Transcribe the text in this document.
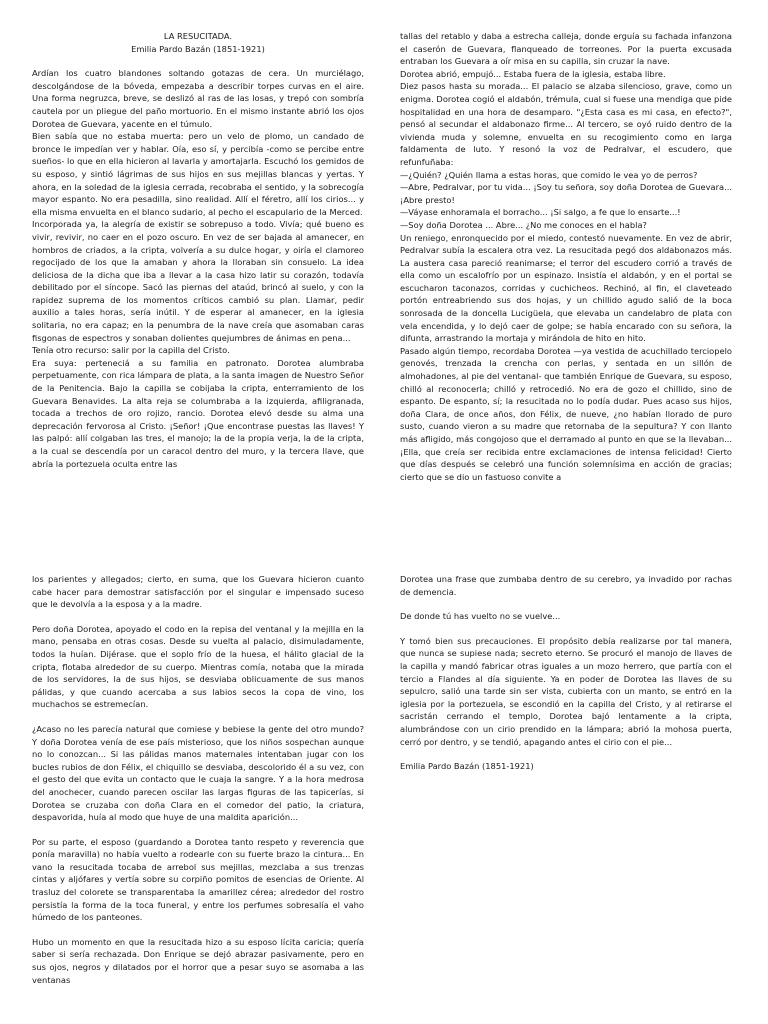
LA RESUCITADA.

Emilia Pardo Bazán (1851-1921)

Ardían los cuatro blandones soltando gotazas de cera. Un murciélago, descolgándose de la bóveda, empezaba a describir torpes curvas en el aire. Una forma negruzca, breve, se deslizó al ras de las losas, y trepó con sombría cautela por un pliegue del paño mortuorio. En el mismo instante abrió los ojos Dorotea de Guevara, yacente en el túmulo.

Bien sabía que no estaba muerta: pero un velo de plomo, un candado de bronce le impedían ver y hablar. Oía, eso sí, y percibía -como se percibe entre sueños- lo que en ella hicieron al lavarla y amortajarla. Escuchó los gemidos de su esposo, y sintió lágrimas de sus hijos en sus mejillas blancas y yertas. Y ahora, en la soledad de la iglesia cerrada, recobraba el sentido, y la sobrecogía mayor espanto. No era pesadilla, sino realidad. Allí el féretro, allí los cirios... y ella misma envuelta en el blanco sudario, al pecho el escapulario de la Merced.

Incorporada ya, la alegría de existir se sobrepuso a todo. Vivía; qué bueno es vivir, revivir, no caer en el pozo oscuro. En vez de ser bajada al amanecer, en hombros de criados, a la cripta, volvería a su dulce hogar, y oiría el clamoreo regocijado de los que la amaban y ahora la lloraban sin consuelo. La idea deliciosa de la dicha que iba a llevar a la casa hizo latir su corazón, todavía debilitado por el síncope. Sacó las piernas del ataúd, brincó al suelo, y con la rapidez suprema de los momentos críticos cambió su plan. Llamar, pedir auxilio a tales horas, sería inútil. Y de esperar al amanecer, en la iglesia solitaria, no era capaz; en la penumbra de la nave creía que asomaban caras fisgonas de espectros y sonaban dolientes quejumbres de ánimas en pena...

Tenía otro recurso: salir por la capilla del Cristo.

Era suya: perteneciá a su familia en patronato. Dorotea alumbraba perpetuamente, con rica lámpara de plata, a la santa imagen de Nuestro Señor de la Penitencia. Bajo la capilla se cobijaba la cripta, enterramiento de los Guevara Benavides. La alta reja se columbraba a la izquierda, afiligranada, tocada a trechos de oro rojizo, rancio. Dorotea elevó desde su alma una deprecación fervorosa al Cristo. ¡Señor! ¡Que encontrase puestas las llaves! Y las palpó: allí colgaban las tres, el manojo; la de la propia verja, la de la cripta, a la cual se descendía por un caracol dentro del muro, y la tercera llave, que abría la portezuela oculta entre las

tallas del retablo y daba a estrecha calleja, donde erguía su fachada infanzona el caserón de Guevara, flanqueado de torreones. Por la puerta excusada entraban los Guevara a oír misa en su capilla, sin cruzar la nave.

Dorotea abrió, empujó... Estaba fuera de la iglesia, estaba libre.

Diez pasos hasta su morada... El palacio se alzaba silencioso, grave, como un enigma. Dorotea cogió el aldabón, trémula, cual si fuese una mendiga que pide hospitalidad en una hora de desamparo. "¿Esta casa es mi casa, en efecto?", pensó al secundar el aldabonazo firme... Al tercero, se oyó ruido dentro de la vivienda muda y solemne, envuelta en su recogimiento como en larga faldamenta de luto. Y resonó la voz de Pedralvar, el escudero, que refunfuñaba:

—¿Quién? ¿Quién llama a estas horas, que comido le vea yo de perros?

—Abre, Pedralvar, por tu vida... ¡Soy tu señora, soy doña Dorotea de Guevara... ¡Abre presto!

—Váyase enhoramala el borracho... ¡Si salgo, a fe que lo ensarte...!

—Soy doña Dorotea ... Abre... ¿No me conoces en el habla?

Un reniego, enronquecido por el miedo, contestó nuevamente. En vez de abrir, Pedralvar subía la escalera otra vez. La resucitada pegó dos aldabonazos más. La austera casa pareció reanimarse; el terror del escudero corrió a través de ella como un escalofrío por un espinazo. Insistía el aldabón, y en el portal se escucharon taconazos, corridas y cuchicheos. Rechinó, al fin, el claveteado portón entreabriendo sus dos hojas, y un chillido agudo salió de la boca sonrosada de la doncella Lucigüela, que elevaba un candelabro de plata con vela encendida, y lo dejó caer de golpe; se había encarado con su señora, la difunta, arrastrando la mortaja y mirándola de hito en hito.

Pasado algún tiempo, recordaba Dorotea —ya vestida de acuchillado terciopelo genovés, trenzada la crencha con perlas, y sentada en un sillón de almohadones, al pie del ventanal- que también Enrique de Guevara, su esposo, chilló al reconocerla; chilló y retrocedió. No era de gozo el chillido, sino de espanto. De espanto, sí; la resucitada no lo podía dudar. Pues acaso sus hijos, doña Clara, de once años, don Félix, de nueve, ¿no habían llorado de puro susto, cuando vieron a su madre que retornaba de la sepultura? Y con llanto más afligido, más congojoso que el derramado al punto en que se la llevaban... ¡Ella, que creía ser recibida entre exclamaciones de intensa felicidad! Cierto que días después se celebró una función solemnísima en acción de gracias; cierto que se dio un fastuoso convite a

los parientes y allegados; cierto, en suma, que los Guevara hicieron cuanto cabe hacer para demostrar satisfacción por el singular e impensado suceso que le devolvía a la esposa y a la madre.

Pero doña Dorotea, apoyado el codo en la repisa del ventanal y la mejilla en la mano, pensaba en otras cosas. Desde su vuelta al palacio, disimuladamente, todos la huían. Dijérase. que el soplo frío de la huesa, el hálito glacial de la cripta, flotaba alrededor de su cuerpo. Mientras comía, notaba que la mirada de los servidores, la de sus hijos, se desviaba oblicuamente de sus manos pálidas, y que cuando acercaba a sus labios secos la copa de vino, los muchachos se estremecían.

¿Acaso no les parecía natural que comiese y bebiese la gente del otro mundo? Y doña Dorotea venía de ese país misterioso, que los niños sospechan aunque no lo conozcan... Si las pálidas manos maternales intentaban jugar con los bucles rubios de don Félix, el chiquillo se desviaba, descolorido él a su vez, con el gesto del que evita un contacto que le cuaja la sangre. Y a la hora medrosa del anochecer, cuando parecen oscilar las largas figuras de las tapicerías, si Dorotea se cruzaba con doña Clara en el comedor del patio, la criatura, despavorida, huía al modo que huye de una maldita aparición...

Por su parte, el esposo (guardando a Dorotea tanto respeto y reverencia que ponía maravilla) no había vuelto a rodearle con su fuerte brazo la cintura... En vano la resucitada tocaba de arrebol sus mejillas, mezclaba a sus trenzas cintas y aljófares y vertía sobre su corpiño pomitos de esencias de Oriente. Al trasluz del colorete se transparentaba la amarillez cérea; alrededor del rostro persistía la forma de la toca funeral, y entre los perfumes sobresalía el vaho húmedo de los panteones.

Hubo un momento en que la resucitada hizo a su esposo lícita caricia; quería saber si sería rechazada. Don Enrique se dejó abrazar pasivamente, pero en sus ojos, negros y dilatados por el horror que a pesar suyo se asomaba a las ventanas

Dorotea una frase que zumbaba dentro de su cerebro, ya invadido por rachas de demencia.

De donde tú has vuelto no se vuelve...

Y tomó bien sus precauciones. El propósito debía realizarse por tal manera, que nunca se supiese nada; secreto eterno. Se procuró el manojo de llaves de la capilla y mandó fabricar otras iguales a un mozo herrero, que partía con el tercio a Flandes al día siguiente. Ya en poder de Dorotea las llaves de su sepulcro, salió una tarde sin ser vista, cubierta con un manto, se entró en la iglesia por la portezuela, se escondió en la capilla del Cristo, y al retirarse el sacristán cerrando el templo, Dorotea bajó lentamente a la cripta, alumbrándose con un cirio prendido en la lámpara; abrió la mohosa puerta, cerró por dentro, y se tendió, apagando antes el cirio con el pie...

Emilia Pardo Bazán (1851-1921)
